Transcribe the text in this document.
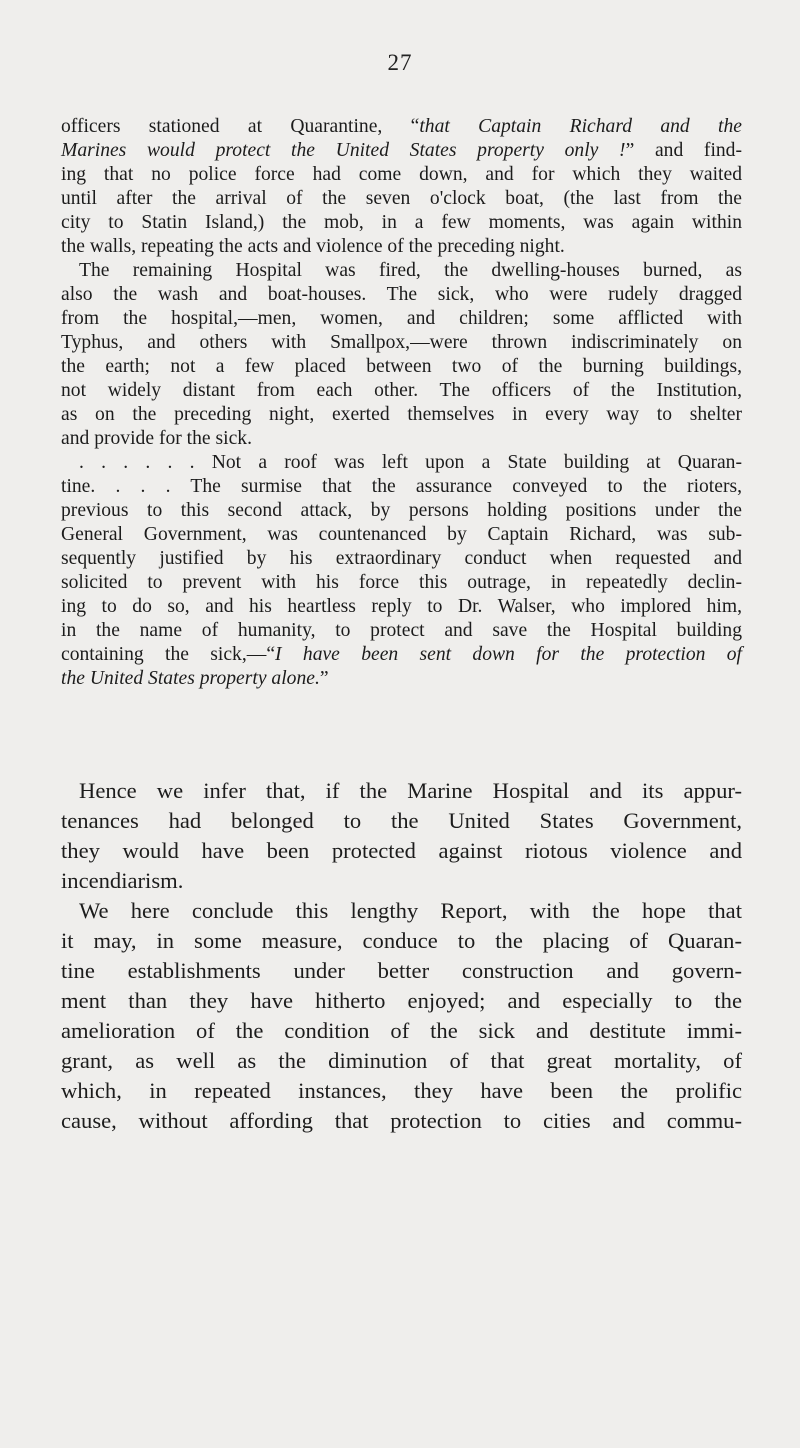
27
officers stationed at Quarantine, “that Captain Richard and the
Marines would protect the United States property only !” and find-
ing that no police force had come down, and for which they waited
until after the arrival of the seven o'clock boat, (the last from the
city to Statin Island,) the mob, in a few moments, was again within
the walls, repeating the acts and violence of the preceding night.
The remaining Hospital was fired, the dwelling-houses burned, as
also the wash and boat-houses. The sick, who were rudely dragged
from the hospital,—men, women, and children; some afflicted with
Typhus, and others with Smallpox,—were thrown indiscriminately on
the earth; not a few placed between two of the burning buildings,
not widely distant from each other. The officers of the Institution,
as on the preceding night, exerted themselves in every way to shelter
and provide for the sick.
. . . . . . Not a roof was left upon a State building at Quaran-
tine. . . . The surmise that the assurance conveyed to the rioters,
previous to this second attack, by persons holding positions under the
General Government, was countenanced by Captain Richard, was sub-
sequently justified by his extraordinary conduct when requested and
solicited to prevent with his force this outrage, in repeatedly declin-
ing to do so, and his heartless reply to Dr. Walser, who implored him,
in the name of humanity, to protect and save the Hospital building
containing the sick,—“I have been sent down for the protection of
the United States property alone.”
Hence we infer that, if the Marine Hospital and its appur-
tenances had belonged to the United States Government,
they would have been protected against riotous violence and
incendiarism.
We here conclude this lengthy Report, with the hope that
it may, in some measure, conduce to the placing of Quaran-
tine establishments under better construction and govern-
ment than they have hitherto enjoyed; and especially to the
amelioration of the condition of the sick and destitute immi-
grant, as well as the diminution of that great mortality, of
which, in repeated instances, they have been the prolific
cause, without affording that protection to cities and commu-
